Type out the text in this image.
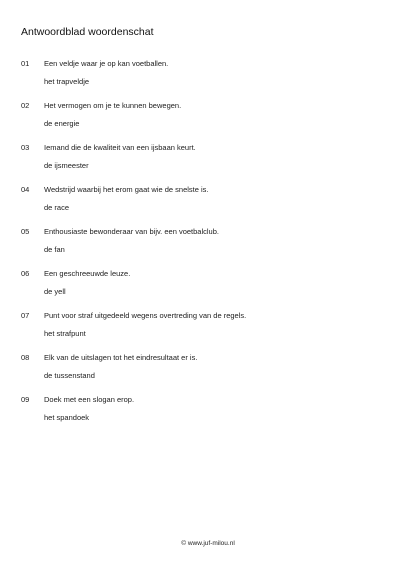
Antwoordblad woordenschat
01 Een veldje waar je op kan voetballen.
het trapveldje
02 Het vermogen om je te kunnen bewegen.
de energie
03 Iemand die de kwaliteit van een ijsbaan keurt.
de ijsmeester
04 Wedstrijd waarbij het erom gaat wie de snelste is.
de race
05 Enthousiaste bewonderaar van bijv. een voetbalclub.
de fan
06 Een geschreeuwde leuze.
de yell
07 Punt voor straf uitgedeeld wegens overtreding van de regels.
het strafpunt
08 Elk van de uitslagen tot het eindresultaat er is.
de tussenstand
09 Doek met een slogan erop.
het spandoek
© www.juf-milou.nl
